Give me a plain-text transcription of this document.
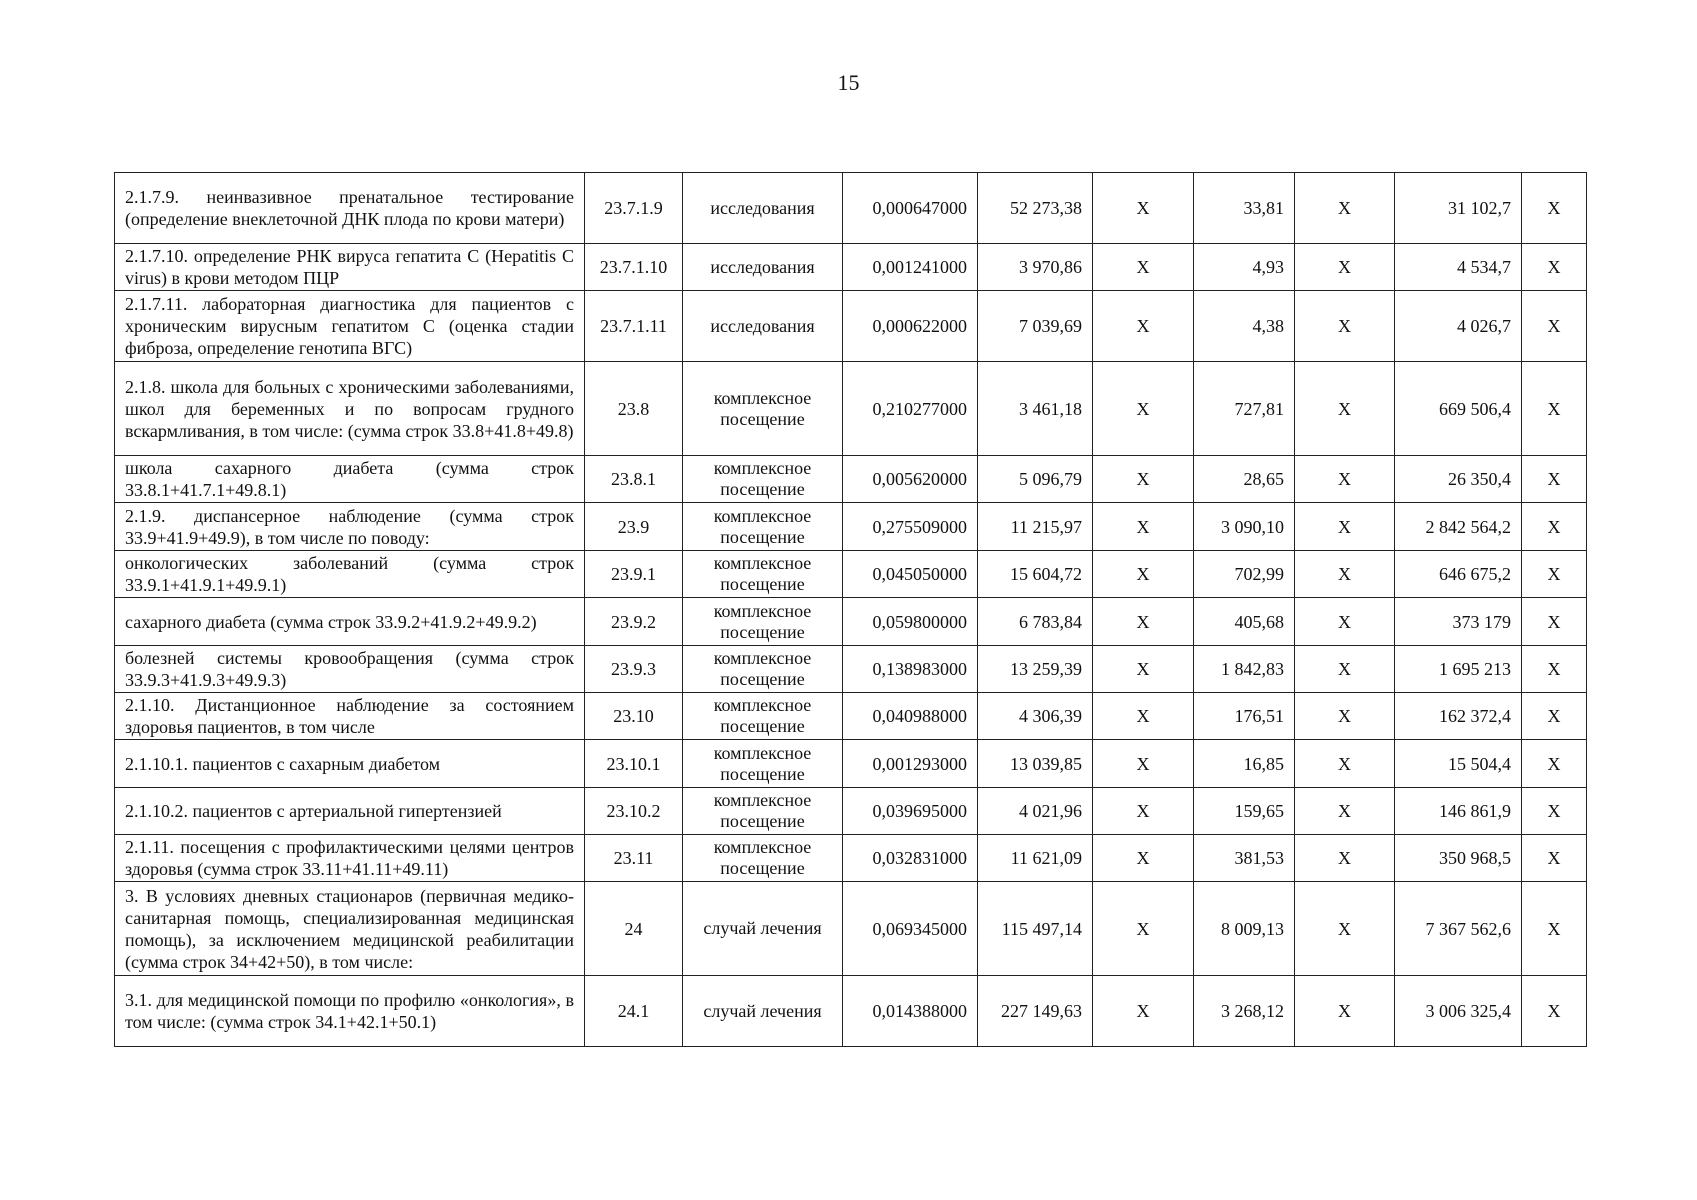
15
2.1.7.9. неинвазивное пренатальное тестирование (определение внеклеточной ДНК плода по крови матери)	23.7.1.9	исследования	0,000647000	52 273,38	X	33,81	X	31 102,7	X
2.1.7.10. определение РНК вируса гепатита C (Hepatitis C virus) в крови методом ПЦР	23.7.1.10	исследования	0,001241000	3 970,86	X	4,93	X	4 534,7	X
2.1.7.11. лабораторная диагностика для пациентов с хроническим вирусным гепатитом C (оценка стадии фиброза, определение генотипа ВГС)	23.7.1.11	исследования	0,000622000	7 039,69	X	4,38	X	4 026,7	X
2.1.8. школа для больных с хроническими заболеваниями, школ для беременных и по вопросам грудного вскармливания, в том числе: (сумма строк 33.8+41.8+49.8)	23.8	комплексное посещение	0,210277000	3 461,18	X	727,81	X	669 506,4	X
школа сахарного диабета (сумма строк 33.8.1+41.7.1+49.8.1)	23.8.1	комплексное посещение	0,005620000	5 096,79	X	28,65	X	26 350,4	X
2.1.9. диспансерное наблюдение (сумма строк 33.9+41.9+49.9), в том числе по поводу:	23.9	комплексное посещение	0,275509000	11 215,97	X	3 090,10	X	2 842 564,2	X
онкологических заболеваний (сумма строк 33.9.1+41.9.1+49.9.1)	23.9.1	комплексное посещение	0,045050000	15 604,72	X	702,99	X	646 675,2	X
сахарного диабета (сумма строк 33.9.2+41.9.2+49.9.2)	23.9.2	комплексное посещение	0,059800000	6 783,84	X	405,68	X	373 179	X
болезней системы кровообращения (сумма строк 33.9.3+41.9.3+49.9.3)	23.9.3	комплексное посещение	0,138983000	13 259,39	X	1 842,83	X	1 695 213	X
2.1.10. Дистанционное наблюдение за состоянием здоровья пациентов, в том числе	23.10	комплексное посещение	0,040988000	4 306,39	X	176,51	X	162 372,4	X
2.1.10.1. пациентов с сахарным диабетом	23.10.1	комплексное посещение	0,001293000	13 039,85	X	16,85	X	15 504,4	X
2.1.10.2. пациентов с артериальной гипертензией	23.10.2	комплексное посещение	0,039695000	4 021,96	X	159,65	X	146 861,9	X
2.1.11. посещения с профилактическими целями центров здоровья (сумма строк 33.11+41.11+49.11)	23.11	комплексное посещение	0,032831000	11 621,09	X	381,53	X	350 968,5	X
3. В условиях дневных стационаров (первичная медико-санитарная помощь, специализированная медицинская помощь), за исключением медицинской реабилитации (сумма строк 34+42+50), в том числе:	24	случай лечения	0,069345000	115 497,14	X	8 009,13	X	7 367 562,6	X
3.1. для медицинской помощи по профилю «онкология», в том числе: (сумма строк 34.1+42.1+50.1)	24.1	случай лечения	0,014388000	227 149,63	X	3 268,12	X	3 006 325,4	X
